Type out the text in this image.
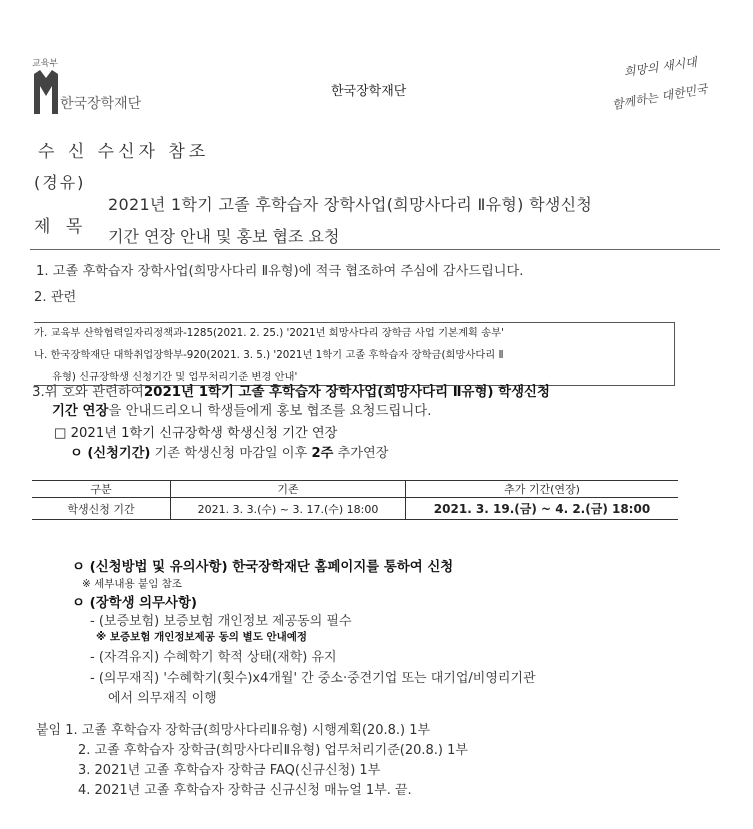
교육부
한국장학재단
한국장학재단
희망의 새시대
함께하는 대한민국
수 신 수신자 참조
(경유)
제 목
2021년 1학기 고졸 후학습자 장학사업(희망사다리 Ⅱ유형) 학생신청
기간 연장 안내 및 홍보 협조 요청
1. 고졸 후학습자 장학사업(희망사다리 Ⅱ유형)에 적극 협조하여 주심에 감사드립니다.
2. 관련
가. 교육부 산학협력일자리정책과-1285(2021. 2. 25.) '2021년 희망사다리 장학금 사업 기본계획 송부'
나. 한국장학재단 대학취업장학부-920(2021. 3. 5.) '2021년 1학기 고졸 후학습자 장학금(희망사다리 Ⅱ
유형) 신규장학생 신청기간 및 업무처리기준 변경 안내'
3.위 호와 관련하여2021년 1학기 고졸 후학습자 장학사업(희망사다리 Ⅱ유형) 학생신청
기간 연장을 안내드리오니 학생들에게 홍보 협조를 요청드립니다.
□ 2021년 1학기 신규장학생 학생신청 기간 연장
ㅇ (신청기간) 기존 학생신청 마감일 이후 2주 추가연장
구분	기존	추가 기간(연장)
학생신청 기간	2021. 3. 3.(수) ~ 3. 17.(수) 18:00	2021. 3. 19.(금) ~ 4. 2.(금) 18:00
ㅇ (신청방법 및 유의사항) 한국장학재단 홈페이지를 통하여 신청
※ 세부내용 붙임 참조
ㅇ (장학생 의무사항)
- (보증보험) 보증보험 개인정보 제공동의 필수
※ 보증보험 개인정보제공 동의 별도 안내예정
- (자격유지) 수혜학기 학적 상태(재학) 유지
- (의무재직) '수혜학기(횟수)x4개월' 간 중소·중견기업 또는 대기업/비영리기관
에서 의무재직 이행
붙임 1. 고졸 후학습자 장학금(희망사다리Ⅱ유형) 시행계획(20.8.) 1부
2. 고졸 후학습자 장학금(희망사다리Ⅱ유형) 업무처리기준(20.8.) 1부
3. 2021년 고졸 후학습자 장학금 FAQ(신규신청) 1부
4. 2021년 고졸 후학습자 장학금 신규신청 매뉴얼 1부. 끝.
